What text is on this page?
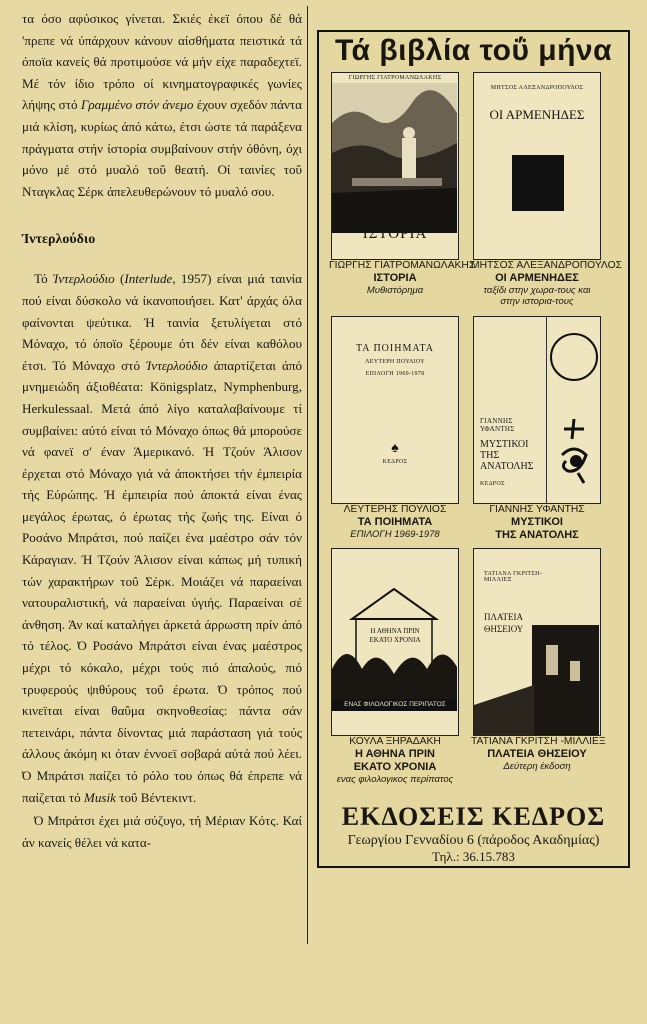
τα όσο αφύσικος γίνεται. Σκιές έκεϊ όπου δέ θά 'πρεπε νά ύπάρχουν κάνουν αίσθήματα πειστικά τά όποϊα κανείς θά προτιμούσε νά μήν είχε παραδεχτεϊ. Μέ τόν ίδιο τρόπο οί κινηματογραφικές γωνίες λήψης στό Γραμμένο στόν άνεμο έχουν σχεδόν πάντα μιά κλίση, κυρίως άπό κάτω, έτσι ώστε τά παράξενα πράγματα στήν ίστορία συμβαίνουν στήν όθόνη, όχι μόνο μέ στό μυαλό τοΰ θεατή. Οί ταινίες τοΰ Νταγκλας Σέρκ άπελευθερώνουν τό μυαλό σου.

Ίντερλούδιο

Τό Ίντερλούδιο (Interlude, 1957) είναι μιά ταινία πού είναι δύσκολο νά ίκανοποιήσει. Κατ' άρχάς όλα φαίνονται ψεύτικα. Ή ταινία ξετυλίγεται στό Μόναχο, τό όποϊο ξέρουμε ότι δέν είναι καθόλου έτσι. Τό Μόναχο στό Ίντερλούδιο άπαρτίζεται άπό μνημειώδη άξιοθέατα: Königsplatz, Nymphenburg, Herkulessaal. Μετά άπό λίγο καταλαβαίνουμε τί συμβαίνει: αύτό είναι τό Μόναχο όπως θά μπορούσε νά φανεϊ σ' έναν Άμερικανό. Ή Τζούν Άλισον έρχεται στό Μόναχο γιά νά άποκτήσει τήν έμπειρία τής Εύρώπης. Ή έμπειρία πού άποκτά είναι ένας μεγάλος έρωτας, ό έρωτας τής ζωής της. Είναι ό Ροσάνο Μπράτσι, πού παίζει ένα μαέστρο σάν τόν Κάραγιαν. Ή Τζούν Άλισον είναι κάπως μή τυπική τών χαρακτήρων τοΰ Σέρκ. Μοιάζει νά παραείναι νατουραλιστική, νά παραείναι ύγιής. Παραείναι σέ άνθηση. Άν καί καταλήγει άρκετά άρρωστη πρίν άπό τό τέλος. Ό Ροσάνο Μπράτσι είναι ένας μαέστρος μέχρι τό κόκαλο, μέχρι τούς πιό άπαλούς, πιό τρυφερούς ψιθύρους τοΰ έρωτα. Ό τρόπος πού κινεϊται είναι θαΰμα σκηνοθεσίας: πάντα σάν πετεινάρι, πάντα δίνοντας μιά παράσταση γιά τούς άλλους άκόμη κι όταν έννοεϊ σοβαρά αύτά πού λέει. Ό Μπράτσι παίζει τό ρόλο του όπως θά έπρεπε νά παίζεται τό Musik τοΰ Βέντεκιντ.

Ό Μπράτσι έχει μιά σύζυγο, τή Μέριαν Κότς. Καί άν κανείς θέλει νά κατα-

Τά βιβλία τοΰ μήνα
ΓΙΩΡΓΗΣ ΓΙΑΤΡΟΜΑΝΩΛΑΚΗΣ
ΙΣΤΟΡΙΑ
ΓΙΩΡΓΗΣ ΓΙΑΤΡΟΜΑΝΩΛΑΚΗΣ
ΙΣΤΟΡΙΑ
Μυθιστόρημα
ΜΗΤΣΟΣ ΑΛΕΞΑΝΔΡΟΠΟΥΛΟΣ
ΟΙ ΑΡΜΕΝΗΔΕΣ
ΜΗΤΣΟΣ ΑΛΕΞΑΝΔΡΟΠΟΥΛΟΣ
ΟΙ ΑΡΜΕΝΗΔΕΣ
ταξίδι στην χωρα-τους και στην ιστορια-τους
ΤΑ ΠΟΙΗΜΑΤΑ
ΛΕΥΤΕΡΗ ΠΟΥΛΙΟΥ
ΕΠΙΛΟΓΗ 1969-1978
♠
ΚΕΔΡΟΣ
ΛΕΥΤΕΡΗΣ ΠΟΥΛΙΟΣ
ΤΑ ΠΟΙΗΜΑΤΑ
ΕΠΙΛΟΓΗ 1969-1978
ΓΙΑΝΝΗΣ ΥΦΑΝΤΗΣ
ΜΥΣΤΙΚΟΙ ΤΗΣ ΑΝΑΤΟΛΗΣ
ΚΕΔΡΟΣ
ΓΙΑΝΝΗΣ ΥΦΑΝΤΗΣ
ΜΥΣΤΙΚΟΙ
ΤΗΣ ΑΝΑΤΟΛΗΣ
Η ΑΘΗΝΑ ΠΡΙΝ ΕΚΑΤΟ ΧΡΟΝΙΑ
ΕΝΑΣ ΦΙΛΟΛΟΓΙΚΟΣ ΠΕΡΙΠΑΤΟΣ
ΚΟΥΛΑ ΞΗΡΑΔΑΚΗ
Η ΑΘΗΝΑ ΠΡΙΝ
ΕΚΑΤΟ ΧΡΟΝΙΑ
ενας φιλολογικος περίπατος
ΤΑΤΙΑΝΑ ΓΚΡΙΤΣΗ-ΜΙΛΛΙΕΞ
ΠΛΑΤΕΙΑ ΘΗΣΕΙΟΥ
ΤΑΤΙΑΝΑ ΓΚΡΙΤΣΗ -ΜΙΛΛΙΕΞ
ΠΛΑΤΕΙΑ ΘΗΣΕΙΟΥ
Δεύτερη έκδοση
ΕΚΔΟΣΕΙΣ ΚΕΔΡΟΣ
Γεωργίου Γενναδίου 6 (πάροδος Ακαδημίας)
Τηλ.: 36.15.783
